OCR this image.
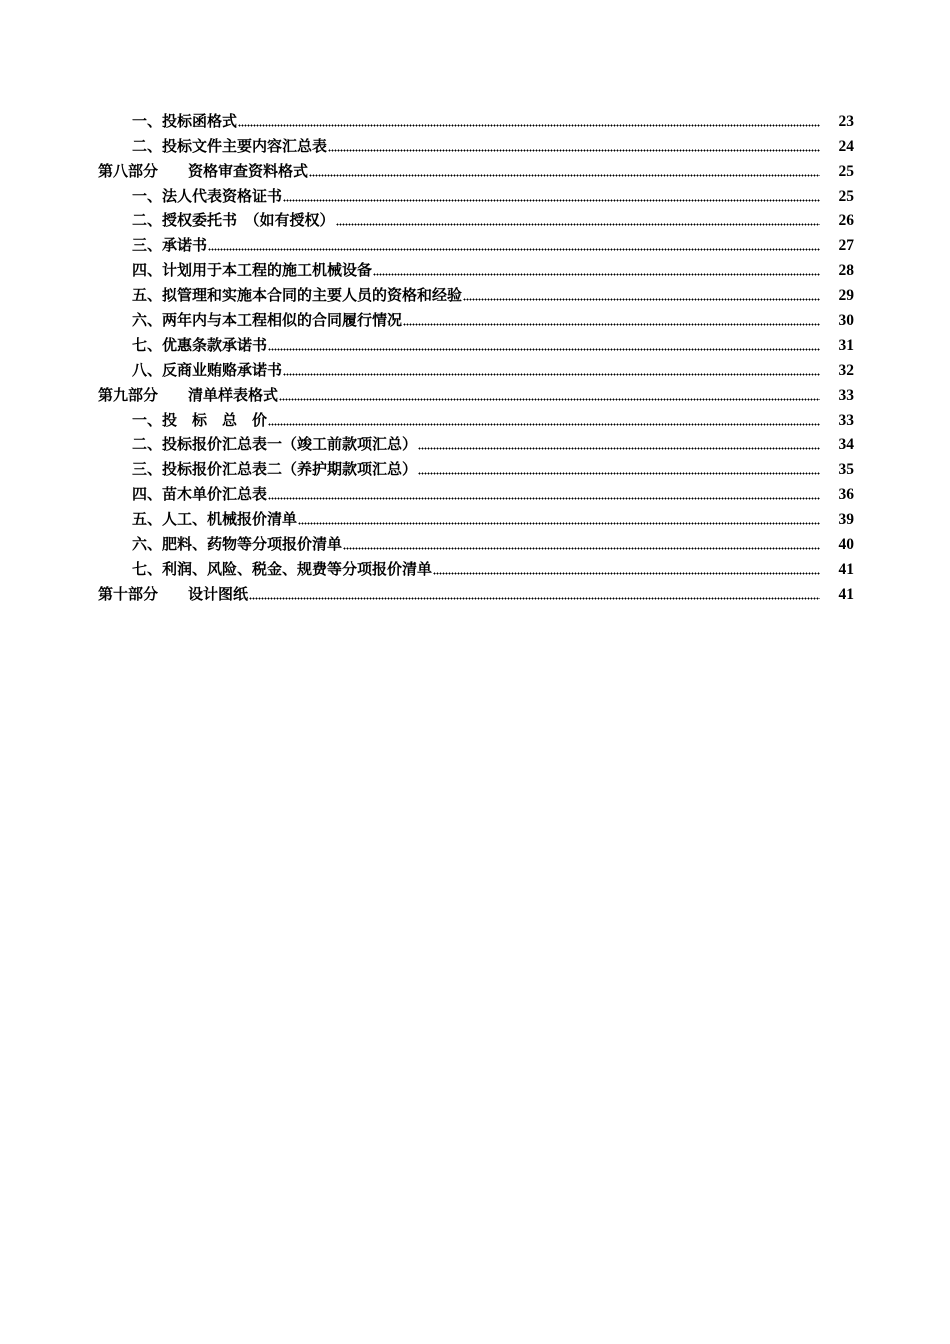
一、投标函格式	23
二、投标文件主要内容汇总表	24
第八部分　　资格审查资料格式	25
一、法人代表资格证书	25
二、授权委托书　（如有授权）	26
三、承诺书	27
四、计划用于本工程的施工机械设备	28
五、拟管理和实施本合同的主要人员的资格和经验	29
六、两年内与本工程相似的合同履行情况	30
七、优惠条款承诺书	31
八、反商业贿赂承诺书	32
第九部分　　清单样表格式	33
一、投　标　总　价	33
二、投标报价汇总表一（竣工前款项汇总）	34
三、投标报价汇总表二（养护期款项汇总）	35
四、苗木单价汇总表	36
五、人工、机械报价清单	39
六、肥料、药物等分项报价清单	40
七、利润、风险、税金、规费等分项报价清单	41
第十部分　　设计图纸	41
